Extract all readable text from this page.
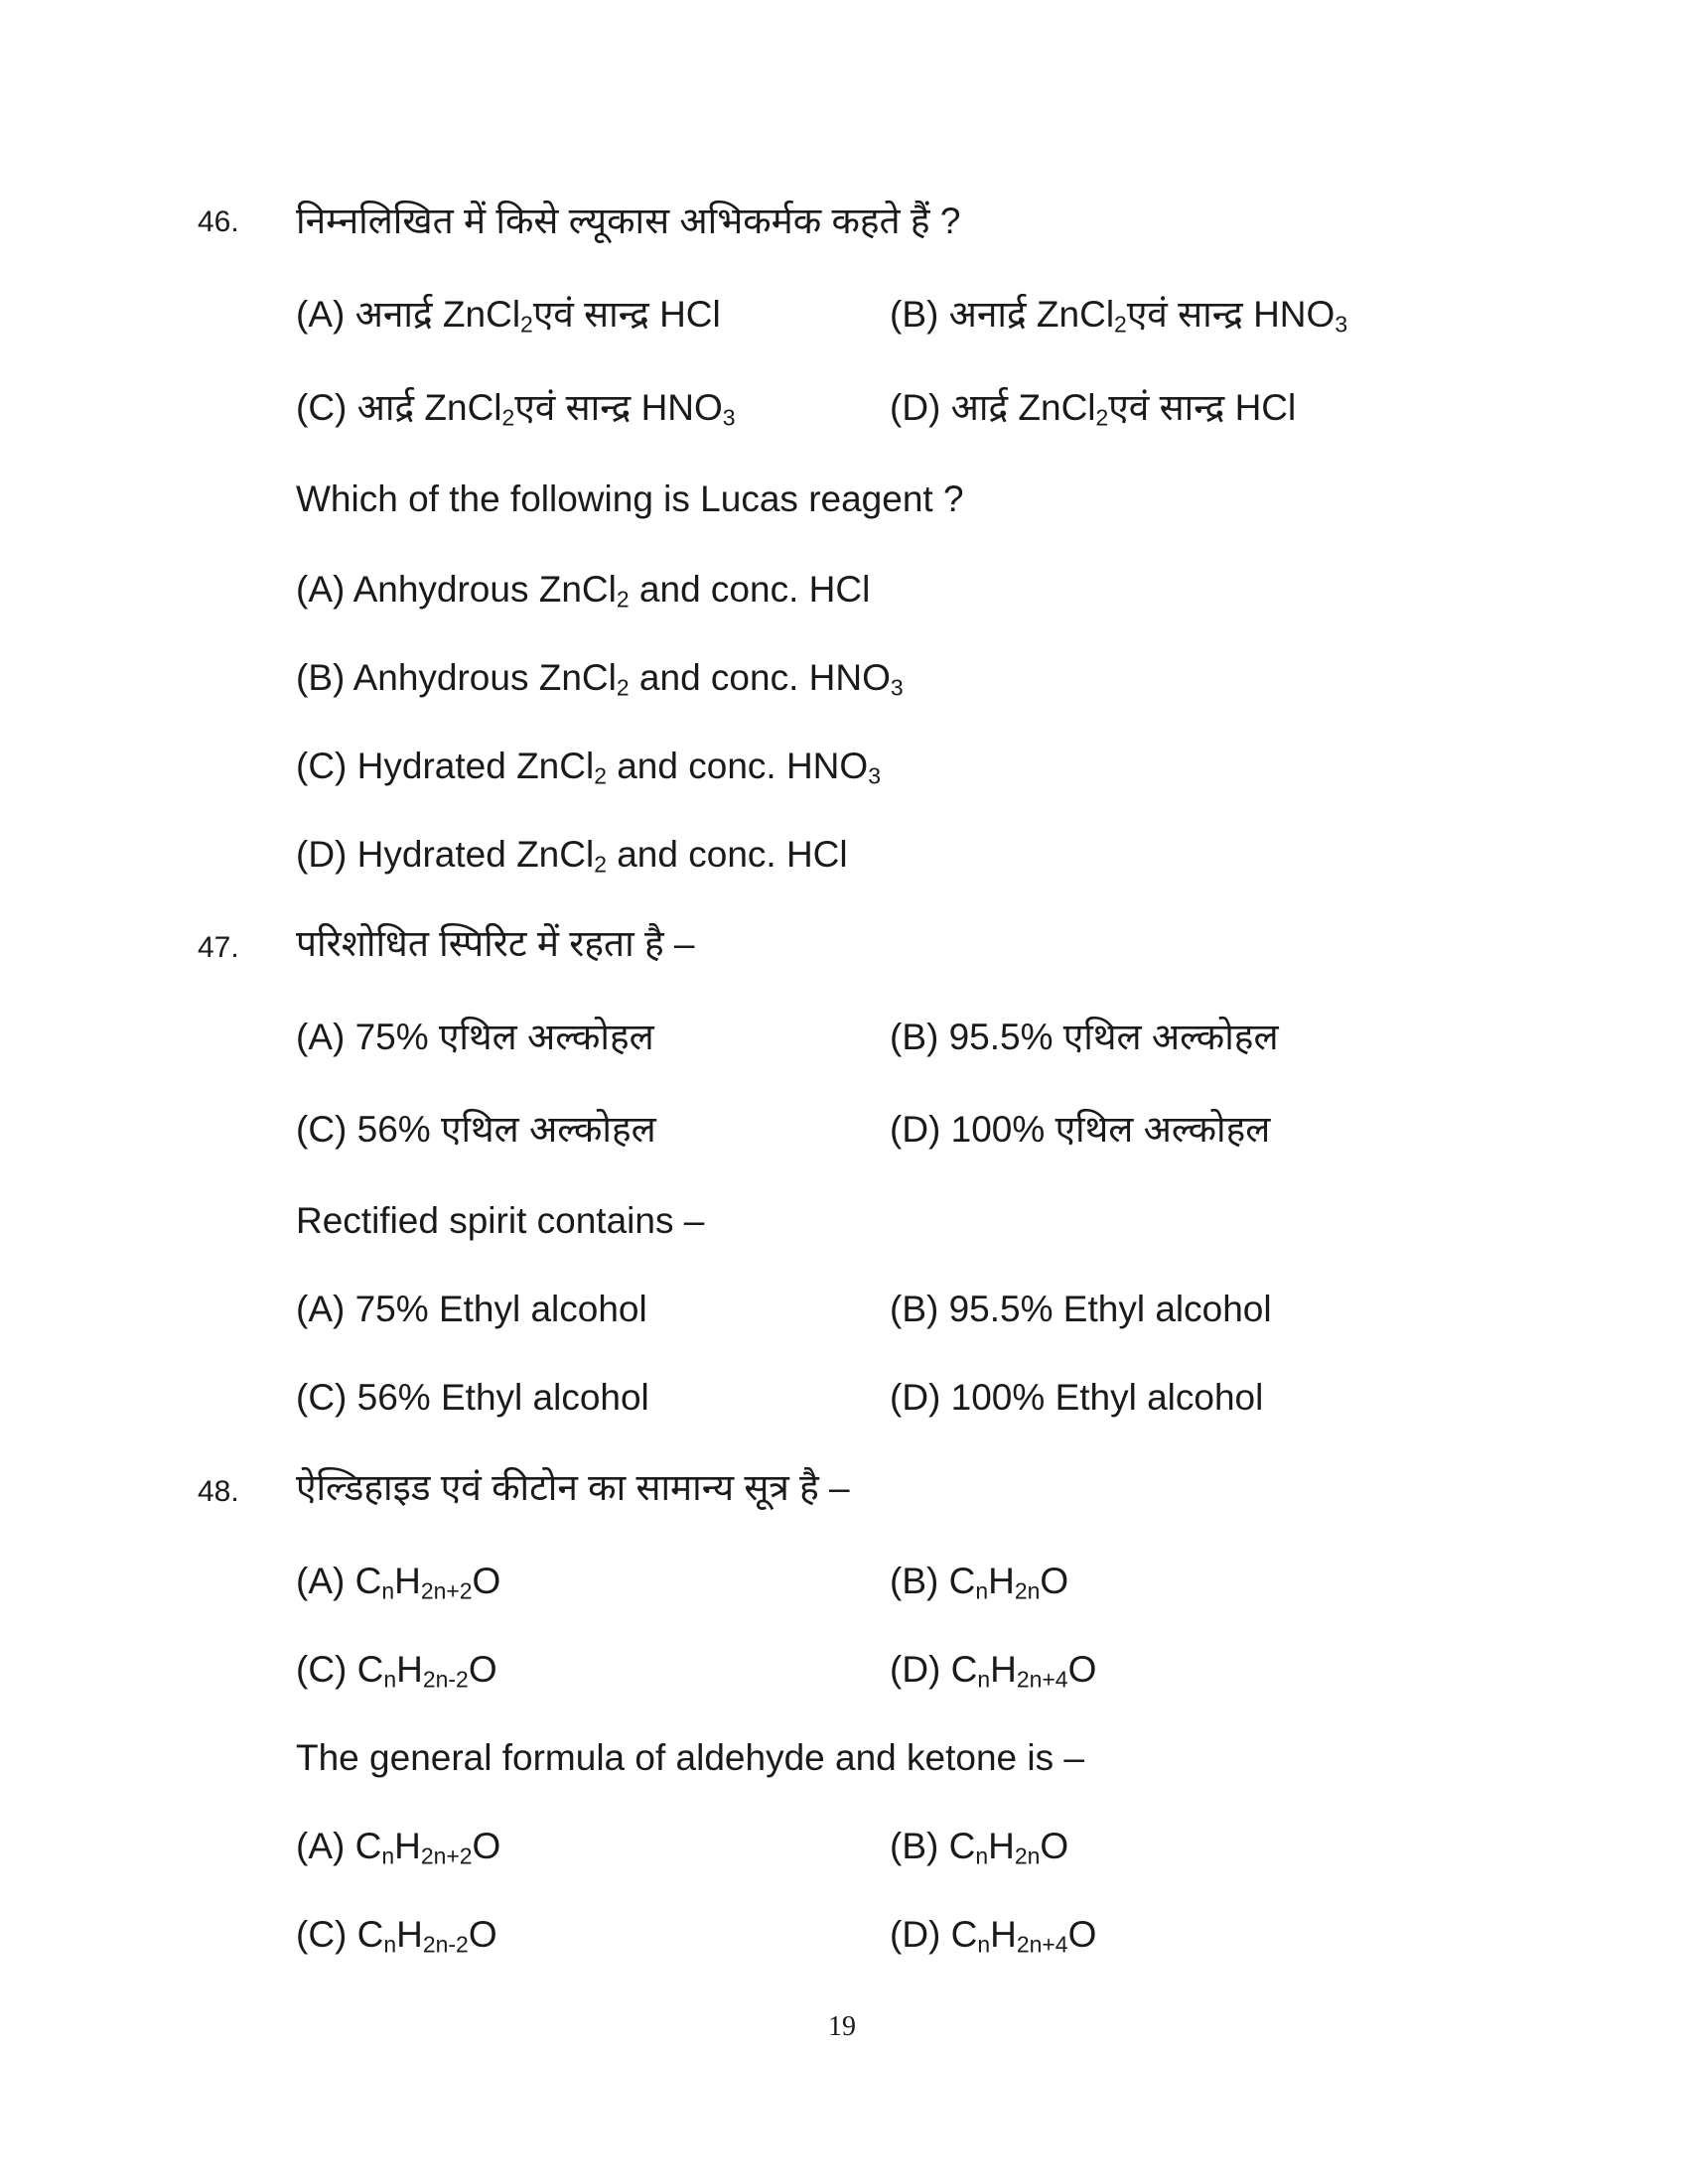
46. निम्नलिखित में किसे ल्यूकास अभिकर्मक कहते हैं ?
(A) अनार्द्र ZnCl$_2$एवं सान्द्र HCl	(B) अनार्द्र ZnCl$_2$एवं सान्द्र $HNO_3$
(C) आर्द्र ZnCl$_2$एवं सान्द्र $HNO_3$	(D) आर्द्र ZnCl$_2$एवं सान्द्र HCl
Which of the following is Lucas reagent ?
(A) Anhydrous ZnCl$_2$ and conc. HCl
(B) Anhydrous ZnCl$_2$ and conc. $HNO_3$
(C) Hydrated ZnCl$_2$ and conc. $HNO_3$
(D) Hydrated ZnCl$_2$ and conc. HCl
47. परिशोधित स्पिरिट में रहता है –
(A) 75% एथिल अल्कोहल	(B) 95.5% एथिल अल्कोहल
(C) 56% एथिल अल्कोहल	(D) 100% एथिल अल्कोहल
Rectified spirit contains –
(A) 75% Ethyl alcohol	(B) 95.5% Ethyl alcohol
(C) 56% Ethyl alcohol	(D) 100% Ethyl alcohol
48. ऐल्डिहाइड एवं कीटोन का सामान्य सूत्र है –
(A) $C_nH_{2n+2}O$	(B) $C_nH_{2n}O$
(C) $C_nH_{2n-2}O$	(D) $C_nH_{2n+4}O$
The general formula of aldehyde and ketone is –
(A) $C_nH_{2n+2}O$	(B) $C_nH_{2n}O$
(C) $C_nH_{2n-2}O$	(D) $C_nH_{2n+4}O$
19
